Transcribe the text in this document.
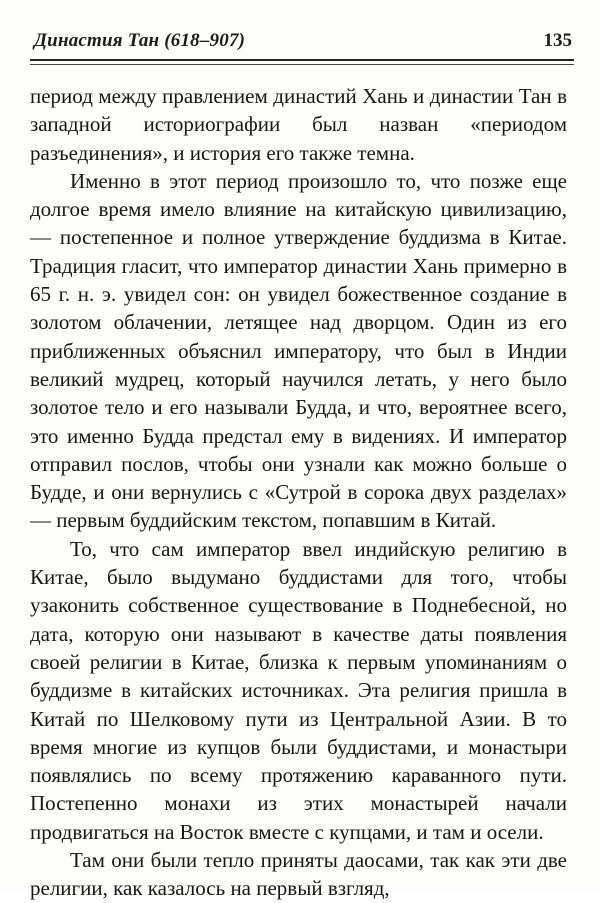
Династия Тан (618–907)	135

период между правлением династий Хань и династии Тан в западной историографии был назван «периодом разъединения», и история его также темна.

Именно в этот период произошло то, что позже еще долгое время имело влияние на китайскую цивилизацию, — постепенное и полное утверждение буддизма в Китае. Традиция гласит, что император династии Хань примерно в 65 г. н. э. увидел сон: он увидел божественное создание в золотом облачении, летящее над дворцом. Один из его приближенных объяснил императору, что был в Индии великий мудрец, который научился летать, у него было золотое тело и его называли Будда, и что, вероятнее всего, это именно Будда предстал ему в видениях. И император отправил послов, чтобы они узнали как можно больше о Будде, и они вернулись с «Сутрой в сорока двух разделах» — первым буддийским текстом, попавшим в Китай.

То, что сам император ввел индийскую религию в Китае, было выдумано буддистами для того, чтобы узаконить собственное существование в Поднебесной, но дата, которую они называют в качестве даты появления своей религии в Китае, близка к первым упоминаниям о буддизме в китайских источниках. Эта религия пришла в Китай по Шелковому пути из Центральной Азии. В то время многие из купцов были буддистами, и монастыри появлялись по всему протяжению караванного пути. Постепенно монахи из этих монастырей начали продвигаться на Восток вместе с купцами, и там и осели.

Там они были тепло приняты даосами, так как эти две религии, как казалось на первый взгляд,
